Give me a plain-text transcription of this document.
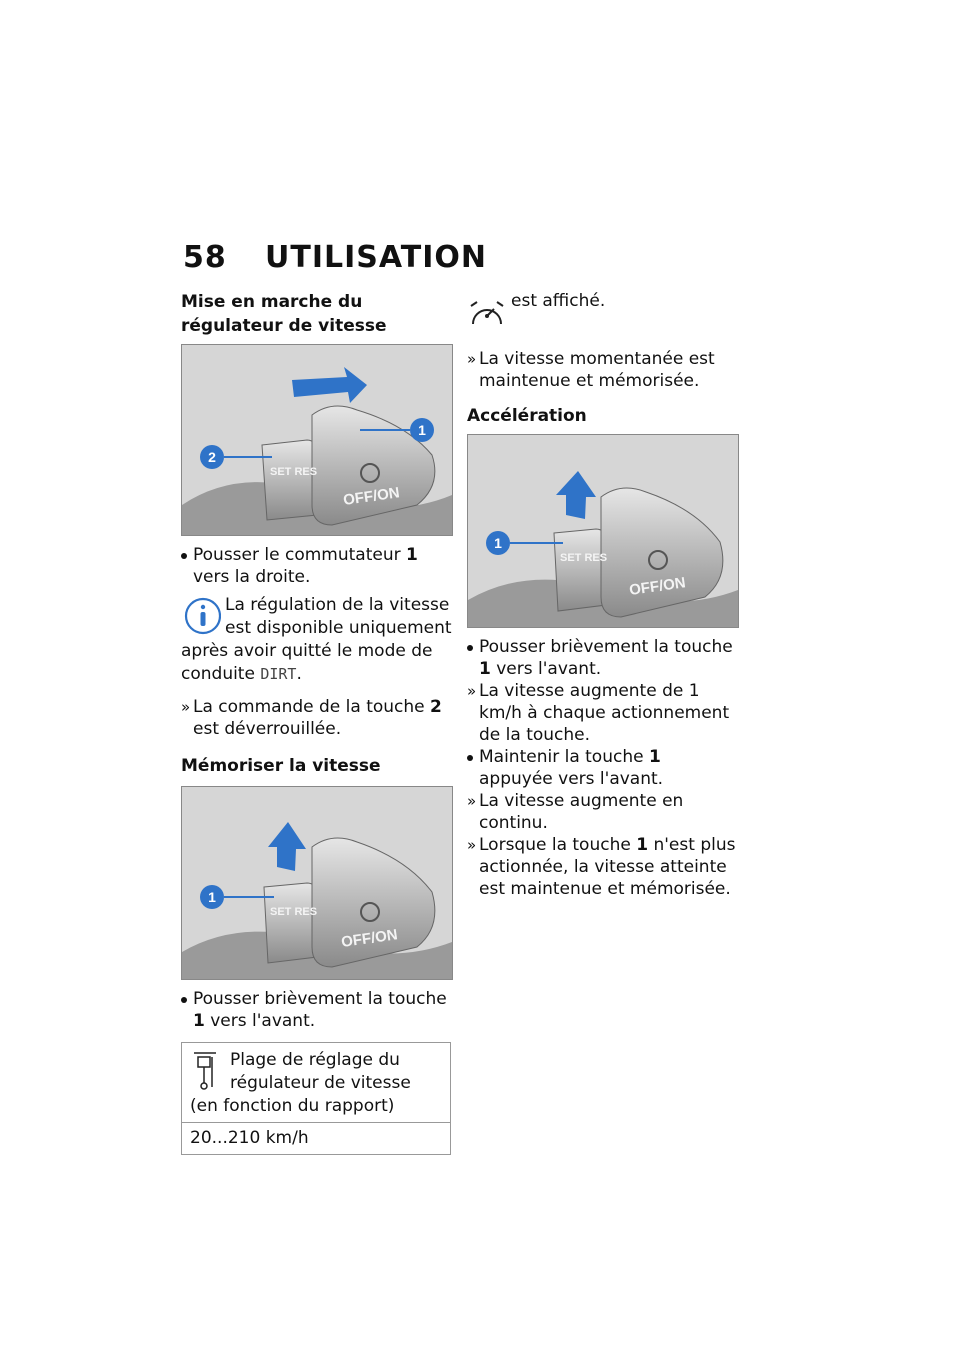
58 UTILISATION
Mise en marche du régulateur de vitesse
1
2
SET RES
OFF/ON
Pousser le commutateur 1 vers la droite.
La régulation de la vitesse est disponible uniquement après avoir quitté le mode de conduite DIRT.
» La commande de la touche 2 est déverrouillée.
Mémoriser la vitesse
1
SET RES
OFF/ON
Pousser brièvement la touche 1 vers l'avant.
Plage de réglage du régulateur de vitesse (en fonction du rapport)
20...210 km/h

est affiché.

» La vitesse momentanée est maintenue et mémorisée.
Accélération
1
SET RES
OFF/ON
Pousser brièvement la touche 1 vers l'avant.
» La vitesse augmente de 1 km/h à chaque actionnement de la touche.
Maintenir la touche 1 appuyée vers l'avant.
» La vitesse augmente en continu.
» Lorsque la touche 1 n'est plus actionnée, la vitesse atteinte est maintenue et mémorisée.
